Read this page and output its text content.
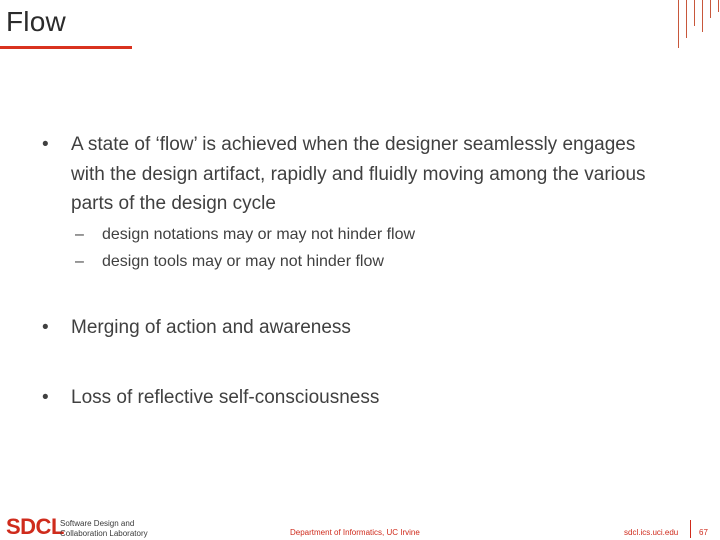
Flow
•	A state of ‘flow’ is achieved when the designer seamlessly engages with the design artifact, rapidly and fluidly moving among the various parts of the design cycle
– design notations may or may not hinder flow
– design tools may or may not hinder flow
•	Merging of action and awareness
•	Loss of reflective self-consciousness
SDCL
Software Design and
Collaboration Laboratory	Department of Informatics, UC Irvine	sdcl.ics.uci.edu	67
